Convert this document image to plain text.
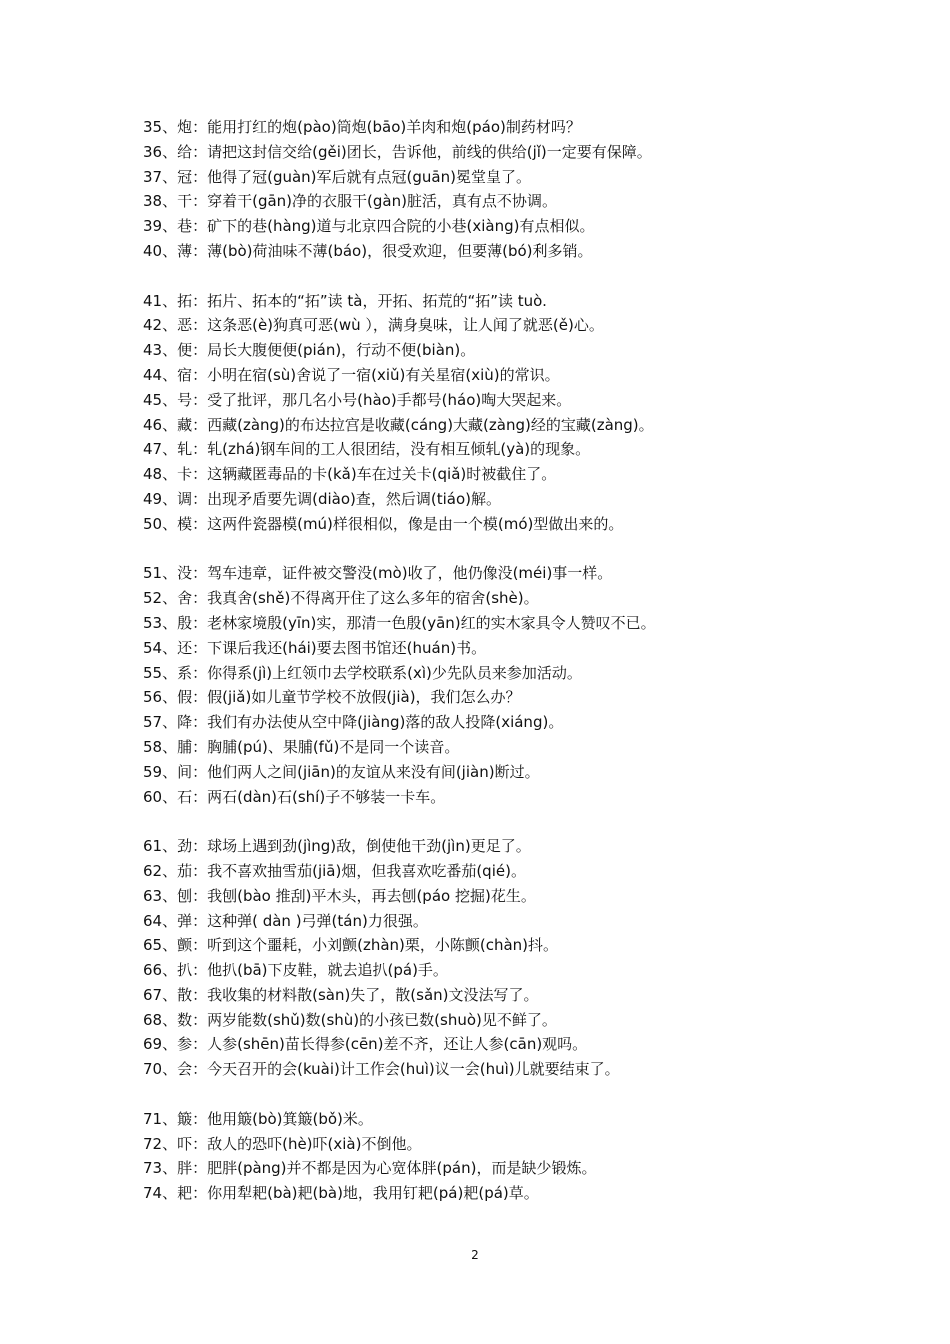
35、炮：能用打红的炮(pào)筒炮(bāo)羊肉和炮(páo)制药材吗？
36、给：请把这封信交给(gěi)团长，告诉他，前线的供给(jǐ)一定要有保障。
37、冠：他得了冠(guàn)军后就有点冠(guān)冕堂皇了。
38、干：穿着干(gān)净的衣服干(gàn)脏活，真有点不协调。
39、巷：矿下的巷(hàng)道与北京四合院的小巷(xiàng)有点相似。
40、薄：薄(bò)荷油味不薄(báo)，很受欢迎，但要薄(bó)利多销。
41、拓：拓片、拓本的“拓”读 tà，开拓、拓荒的“拓”读 tuò.
42、恶：这条恶(è)狗真可恶(wù ），满身臭味，让人闻了就恶(ě)心。
43、便：局长大腹便便(pián)，行动不便(biàn)。
44、宿：小明在宿(sù)舍说了一宿(xiǔ)有关星宿(xiù)的常识。
45、号：受了批评，那几名小号(hào)手都号(háo)啕大哭起来。
46、藏：西藏(zàng)的布达拉宫是收藏(cáng)大藏(zàng)经的宝藏(zàng)。
47、轧：轧(zhá)钢车间的工人很团结，没有相互倾轧(yà)的现象。
48、卡：这辆藏匿毒品的卡(kǎ)车在过关卡(qiǎ)时被截住了。
49、调：出现矛盾要先调(diào)查，然后调(tiáo)解。
50、模：这两件瓷器模(mú)样很相似，像是由一个模(mó)型做出来的。
51、没：驾车违章，证件被交警没(mò)收了，他仍像没(méi)事一样。
52、舍：我真舍(shě)不得离开住了这么多年的宿舍(shè)。
53、殷：老林家境殷(yīn)实，那清一色殷(yān)红的实木家具令人赞叹不已。
54、还：下课后我还(hái)要去图书馆还(huán)书。
55、系：你得系(jì)上红领巾去学校联系(xì)少先队员来参加活动。
56、假：假(jiǎ)如儿童节学校不放假(jià)，我们怎么办？
57、降：我们有办法使从空中降(jiàng)落的敌人投降(xiáng)。
58、脯：胸脯(pú)、果脯(fǔ)不是同一个读音。
59、间：他们两人之间(jiān)的友谊从来没有间(jiàn)断过。
60、石：两石(dàn)石(shí)子不够装一卡车。
61、劲：球场上遇到劲(jìng)敌，倒使他干劲(jìn)更足了。
62、茄：我不喜欢抽雪茄(jiā)烟，但我喜欢吃番茄(qié)。
63、刨：我刨(bào 推刮)平木头，再去刨(páo 挖掘)花生。
64、弹：这种弹( dàn )弓弹(tán)力很强。
65、颤：听到这个噩耗，小刘颤(zhàn)栗，小陈颤(chàn)抖。
66、扒：他扒(bā)下皮鞋，就去追扒(pá)手。
67、散：我收集的材料散(sàn)失了，散(sǎn)文没法写了。
68、数：两岁能数(shǔ)数(shù)的小孩已数(shuò)见不鲜了。
69、参：人参(shēn)苗长得参(cēn)差不齐，还让人参(cān)观吗。
70、会：今天召开的会(kuài)计工作会(huì)议一会(huì)儿就要结束了。
71、簸：他用簸(bò)箕簸(bǒ)米。
72、吓：敌人的恐吓(hè)吓(xià)不倒他。
73、胖：肥胖(pàng)并不都是因为心宽体胖(pán)，而是缺少锻炼。
74、耙：你用犁耙(bà)耙(bà)地，我用钉耙(pá)耙(pá)草。
2
